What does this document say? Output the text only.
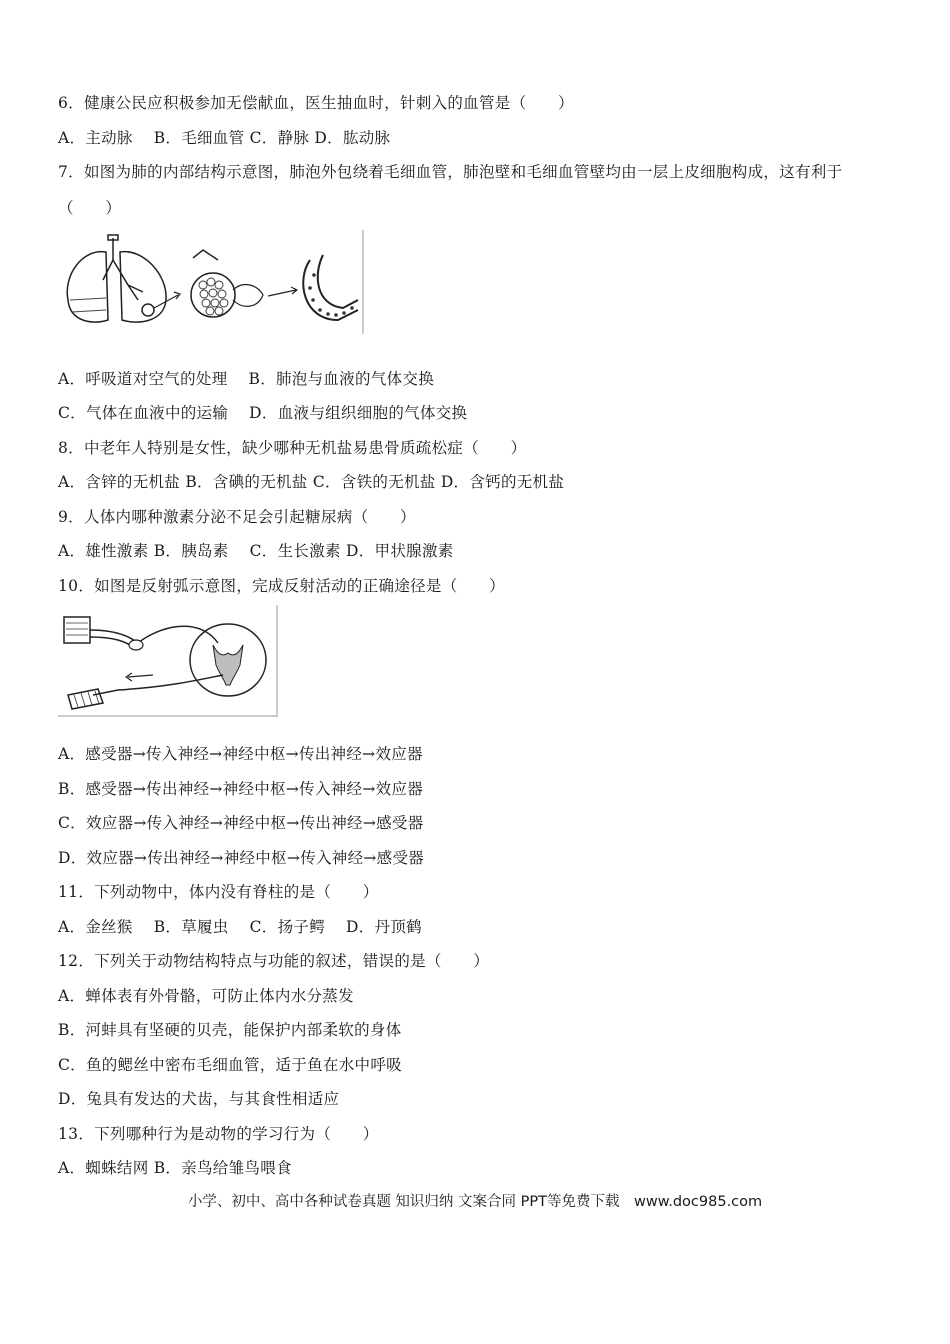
6．健康公民应积极参加无偿献血，医生抽血时，针刺入的血管是（　　）
A．主动脉　 B．毛细血管 C．静脉 D．肱动脉
7．如图为肺的内部结构示意图，肺泡外包绕着毛细血管，肺泡壁和毛细血管壁均由一层上皮细胞构成，这有利于
（　　）
A．呼吸道对空气的处理　 B．肺泡与血液的气体交换
C．气体在血液中的运输　 D．血液与组织细胞的气体交换
8．中老年人特别是女性，缺少哪种无机盐易患骨质疏松症（　　）
A．含锌的无机盐 B．含碘的无机盐 C．含铁的无机盐 D．含钙的无机盐
9．人体内哪种激素分泌不足会引起糖尿病（　　）
A．雄性激素 B．胰岛素　 C．生长激素 D．甲状腺激素
10．如图是反射弧示意图，完成反射活动的正确途径是（　　）
A．感受器→传入神经→神经中枢→传出神经→效应器
B．感受器→传出神经→神经中枢→传入神经→效应器
C．效应器→传入神经→神经中枢→传出神经→感受器
D．效应器→传出神经→神经中枢→传入神经→感受器
11．下列动物中，体内没有脊柱的是（　　）
A．金丝猴　 B．草履虫　 C．扬子鳄　 D．丹顶鹤
12．下列关于动物结构特点与功能的叙述，错误的是（　　）
A．蝉体表有外骨骼，可防止体内水分蒸发
B．河蚌具有坚硬的贝壳，能保护内部柔软的身体
C．鱼的鳃丝中密布毛细血管，适于鱼在水中呼吸
D．兔具有发达的犬齿，与其食性相适应
13．下列哪种行为是动物的学习行为（　　）
A．蜘蛛结网 B．亲鸟给雏鸟喂食
小学、初中、高中各种试卷真题 知识归纳 文案合同 PPT等免费下载　www.doc985.com
